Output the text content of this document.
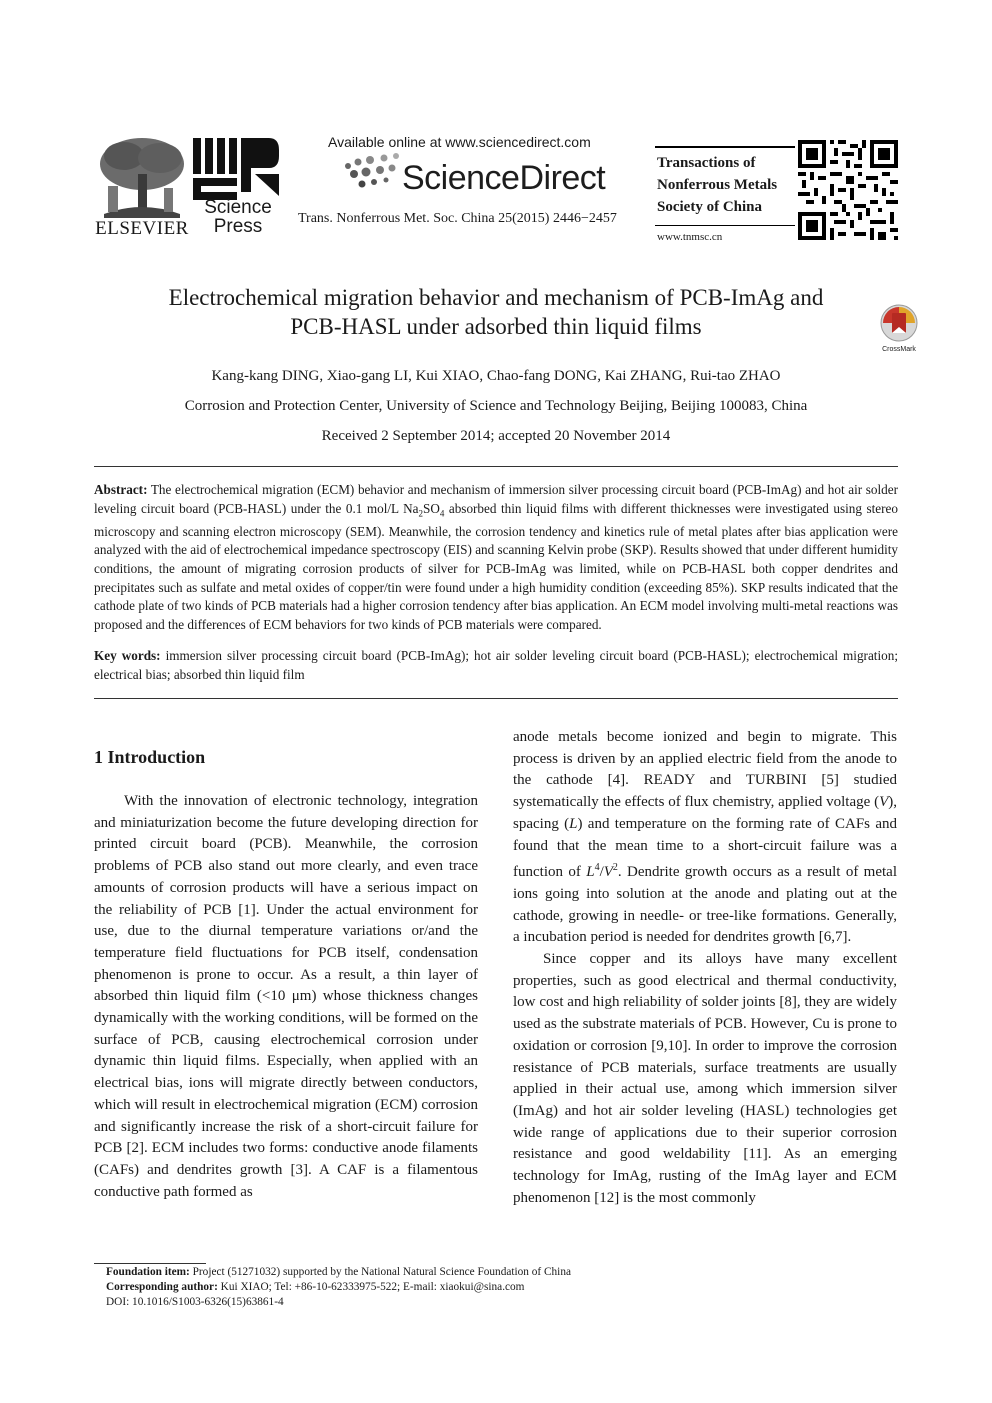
ELSEVIER
Science
Press
Available online at www.sciencedirect.com
ScienceDirect
Trans. Nonferrous Met. Soc. China 25(2015) 2446−2457
Transactions of
Nonferrous Metals
Society of China
www.tnmsc.cn
Electrochemical migration behavior and mechanism of PCB-ImAg and
PCB-HASL under adsorbed thin liquid films
CrossMark
Kang-kang DING, Xiao-gang LI, Kui XIAO, Chao-fang DONG, Kai ZHANG, Rui-tao ZHAO
Corrosion and Protection Center, University of Science and Technology Beijing, Beijing 100083, China
Received 2 September 2014; accepted 20 November 2014
Abstract: The electrochemical migration (ECM) behavior and mechanism of immersion silver processing circuit board (PCB-ImAg) and hot air solder leveling circuit board (PCB-HASL) under the 0.1 mol/L $Na_2SO_4$ absorbed thin liquid films with different thicknesses were investigated using stereo microscopy and scanning electron microscopy (SEM). Meanwhile, the corrosion tendency and kinetics rule of metal plates after bias application were analyzed with the aid of electrochemical impedance spectroscopy (EIS) and scanning Kelvin probe (SKP). Results showed that under different humidity conditions, the amount of migrating corrosion products of silver for PCB-ImAg was limited, while on PCB-HASL both copper dendrites and precipitates such as sulfate and metal oxides of copper/tin were found under a high humidity condition (exceeding 85%). SKP results indicated that the cathode plate of two kinds of PCB materials had a higher corrosion tendency after bias application. An ECM model involving multi-metal reactions was proposed and the differences of ECM behaviors for two kinds of PCB materials were compared.
Key words: immersion silver processing circuit board (PCB-ImAg); hot air solder leveling circuit board (PCB-HASL); electrochemical migration; electrical bias; absorbed thin liquid film
1 Introduction

With the innovation of electronic technology, integration and miniaturization become the future developing direction for printed circuit board (PCB). Meanwhile, the corrosion problems of PCB also stand out more clearly, and even trace amounts of corrosion products will have a serious impact on the reliability of PCB [1]. Under the actual environment for use, due to the diurnal temperature variations or/and the temperature field fluctuations for PCB itself, condensation phenomenon is prone to occur. As a result, a thin layer of absorbed thin liquid film (<10 μm) whose thickness changes dynamically with the working conditions, will be formed on the surface of PCB, causing electrochemical corrosion under dynamic thin liquid films. Especially, when applied with an electrical bias, ions will migrate directly between conductors, which will result in electrochemical migration (ECM) corrosion and significantly increase the risk of a short-circuit failure for PCB [2]. ECM includes two forms: conductive anode filaments (CAFs) and dendrites growth [3]. A CAF is a filamentous conductive path formed as

anode metals become ionized and begin to migrate. This process is driven by an applied electric field from the anode to the cathode [4]. READY and TURBINI [5] studied systematically the effects of flux chemistry, applied voltage (V), spacing (L) and temperature on the forming rate of CAFs and found that the mean time to a short-circuit failure was a function of $L^4/V^2$. Dendrite growth occurs as a result of metal ions going into solution at the anode and plating out at the cathode, growing in needle- or tree-like formations. Generally, a incubation period is needed for dendrites growth [6,7].

Since copper and its alloys have many excellent properties, such as good electrical and thermal conductivity, low cost and high reliability of solder joints [8], they are widely used as the substrate materials of PCB. However, Cu is prone to oxidation or corrosion [9,10]. In order to improve the corrosion resistance of PCB materials, surface treatments are usually applied in their actual use, among which immersion silver (ImAg) and hot air solder leveling (HASL) technologies get wide range of applications due to their superior corrosion resistance and good weldability [11]. As an emerging technology for ImAg, rusting of the ImAg layer and ECM phenomenon [12] is the most commonly

Foundation item: Project (51271032) supported by the National Natural Science Foundation of China
Corresponding author: Kui XIAO; Tel: +86-10-62333975-522; E-mail: xiaokui@sina.com
DOI: 10.1016/S1003-6326(15)63861-4
